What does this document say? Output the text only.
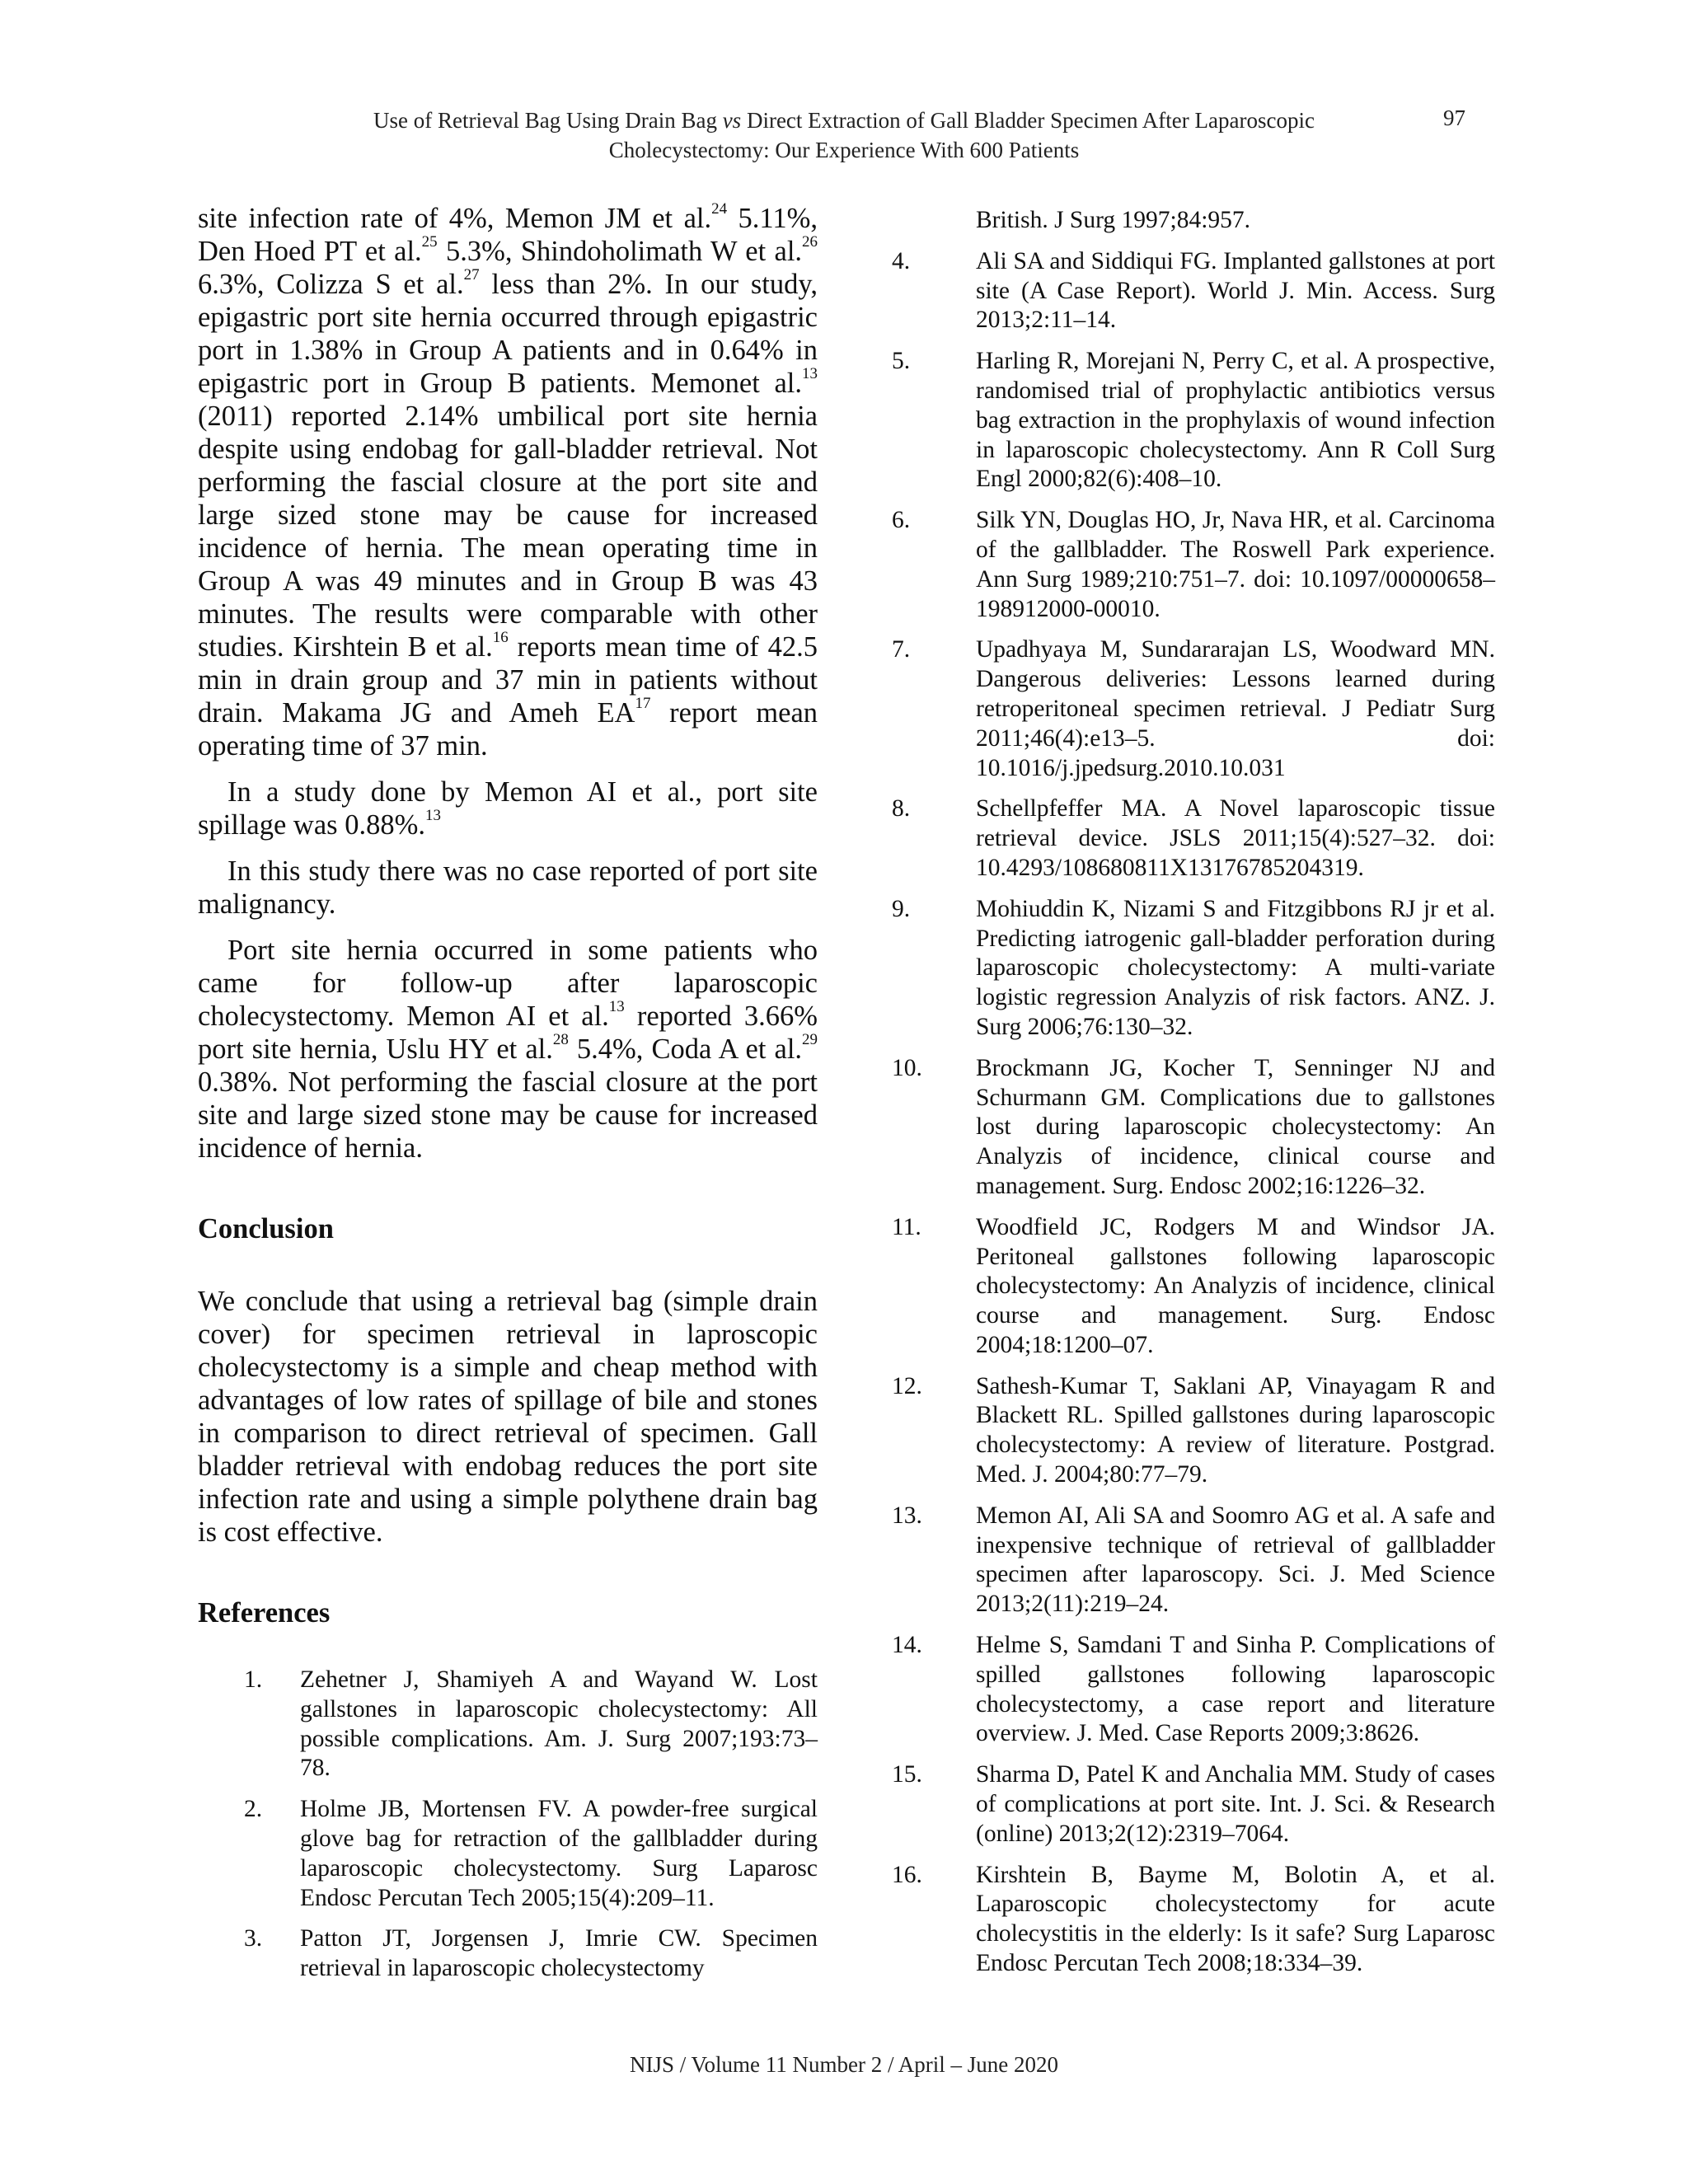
Use of Retrieval Bag Using Drain Bag vs Direct Extraction of Gall Bladder Specimen After Laparoscopic
Cholecystectomy: Our Experience With 600 Patients
97

site infection rate of 4%, Memon JM et al.$^{24}$ 5.11%, Den Hoed PT et al.$^{25}$ 5.3%, Shindoholimath W et al.$^{26}$ 6.3%, Colizza S et al.$^{27}$ less than 2%. In our study, epigastric port site hernia occurred through epigastric port in 1.38% in Group A patients and in 0.64% in epigastric port in Group B patients. Memonet al.$^{13}$ (2011) reported 2.14% umbilical port site hernia despite using endobag for gall-bladder retrieval. Not performing the fascial closure at the port site and large sized stone may be cause for increased incidence of hernia. The mean operating time in Group A was 49 minutes and in Group B was 43 minutes. The results were comparable with other studies. Kirshtein B et al.$^{16}$ reports mean time of 42.5 min in drain group and 37 min in patients without drain. Makama JG and Ameh EA$^{17}$ report mean operating time of 37 min.

In a study done by Memon AI et al., port site spillage was 0.88%.$^{13}$

In this study there was no case reported of port site malignancy.

Port site hernia occurred in some patients who came for follow-up after laparoscopic cholecystectomy. Memon AI et al.$^{13}$ reported 3.66% port site hernia, Uslu HY et al.$^{28}$ 5.4%, Coda A et al.$^{29}$ 0.38%. Not performing the fascial closure at the port site and large sized stone may be cause for increased incidence of hernia.

Conclusion

We conclude that using a retrieval bag (simple drain cover) for specimen retrieval in laproscopic cholecystectomy is a simple and cheap method with advantages of low rates of spillage of bile and stones in comparison to direct retrieval of specimen. Gall bladder retrieval with endobag reduces the port site infection rate and using a simple polythene drain bag is cost effective.

References

1.	Zehetner J, Shamiyeh A and Wayand W. Lost gallstones in laparoscopic cholecystectomy: All possible complications. Am. J. Surg 2007;193:73–78.
2.	Holme JB, Mortensen FV. A powder-free surgical glove bag for retraction of the gallbladder during laparoscopic cholecystectomy. Surg Laparosc Endosc Percutan Tech 2005;15(4):209–11.
3.	Patton JT, Jorgensen J, Imrie CW. Specimen retrieval in laparoscopic cholecystectomy
British. J Surg 1997;84:957.
4.	Ali SA and Siddiqui FG. Implanted gallstones at port site (A Case Report). World J. Min. Access. Surg 2013;2:11–14.
5.	Harling R, Morejani N, Perry C, et al. A prospective, randomised trial of prophylactic antibiotics versus bag extraction in the prophylaxis of wound infection in laparoscopic cholecystectomy. Ann R Coll Surg Engl 2000;82(6):408–10.
6.	Silk YN, Douglas HO, Jr, Nava HR, et al. Carcinoma of the gallbladder. The Roswell Park experience. Ann Surg 1989;210:751–7. doi: 10.1097/00000658–198912000-00010.
7.	Upadhyaya M, Sundararajan LS, Woodward MN. Dangerous deliveries: Lessons learned during retroperitoneal specimen retrieval. J Pediatr Surg 2011;46(4):e13–5. doi: 10.1016/j.jpedsurg.2010.10.031
8.	Schellpfeffer MA. A Novel laparoscopic tissue retrieval device. JSLS 2011;15(4):527–32. doi: 10.4293/108680811X13176785204319.
9.	Mohiuddin K, Nizami S and Fitzgibbons RJ jr et al. Predicting iatrogenic gall-bladder perforation during laparoscopic cholecystectomy: A multi-variate logistic regression Analyzis of risk factors. ANZ. J. Surg 2006;76:130–32.
10.	Brockmann JG, Kocher T, Senninger NJ and Schurmann GM. Complications due to gallstones lost during laparoscopic cholecystectomy: An Analyzis of incidence, clinical course and management. Surg. Endosc 2002;16:1226–32.
11.	Woodfield JC, Rodgers M and Windsor JA. Peritoneal gallstones following laparoscopic cholecystectomy: An Analyzis of incidence, clinical course and management. Surg. Endosc 2004;18:1200–07.
12.	Sathesh-Kumar T, Saklani AP, Vinayagam R and Blackett RL. Spilled gallstones during laparoscopic cholecystectomy: A review of literature. Postgrad. Med. J. 2004;80:77–79.
13.	Memon AI, Ali SA and Soomro AG et al. A safe and inexpensive technique of retrieval of gallbladder specimen after laparoscopy. Sci. J. Med Science 2013;2(11):219–24.
14.	Helme S, Samdani T and Sinha P. Complications of spilled gallstones following laparoscopic cholecystectomy, a case report and literature overview. J. Med. Case Reports 2009;3:8626.
15.	Sharma D, Patel K and Anchalia MM. Study of cases of complications at port site. Int. J. Sci. & Research (online) 2013;2(12):2319–7064.
16.	Kirshtein B, Bayme M, Bolotin A, et al. Laparoscopic cholecystectomy for acute cholecystitis in the elderly: Is it safe? Surg Laparosc Endosc Percutan Tech 2008;18:334–39.
NIJS / Volume 11 Number 2 / April – June 2020
